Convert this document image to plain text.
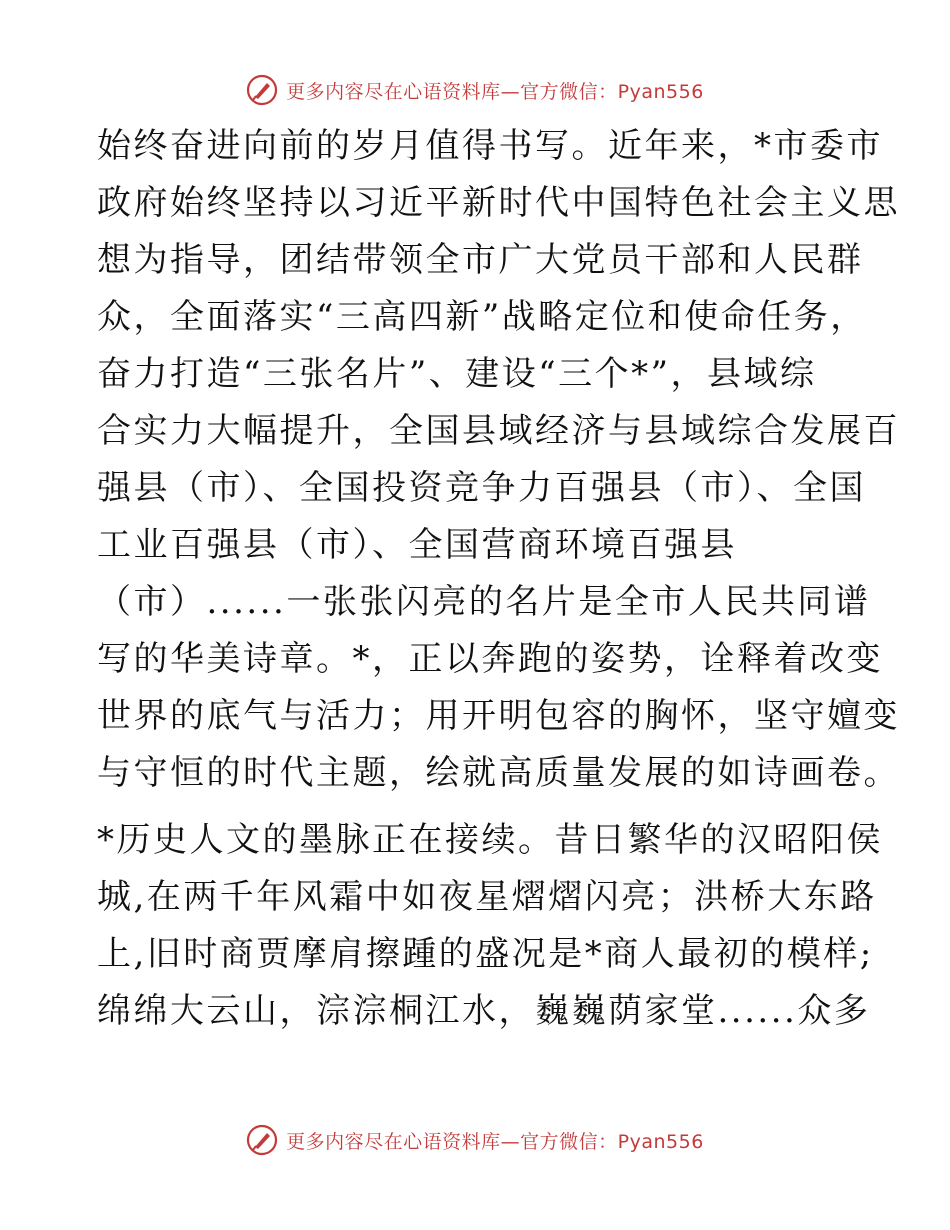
更多内容尽在心语资料库—官方微信：Pyan556
始终奋进向前的岁月值得书写。近年来，*市委市
政府始终坚持以习近平新时代中国特色社会主义思
想为指导，团结带领全市广大党员干部和人民群
众，全面落实“三高四新”战略定位和使命任务，
奋力打造“三张名片”、建设“三个*”，县域综
合实力大幅提升，全国县域经济与县域综合发展百
强县（市）、全国投资竞争力百强县（市）、全国
工业百强县（市）、全国营商环境百强县
（市）......一张张闪亮的名片是全市人民共同谱
写的华美诗章。*，正以奔跑的姿势，诠释着改变
世界的底气与活力；用开明包容的胸怀，坚守嬗变
与守恒的时代主题，绘就高质量发展的如诗画卷。
*历史人文的墨脉正在接续。昔日繁华的汉昭阳侯
城,在两千年风霜中如夜星熠熠闪亮；洪桥大东路
上,旧时商贾摩肩擦踵的盛况是*商人最初的模样;
绵绵大云山，淙淙桐江水，巍巍荫家堂......众多
更多内容尽在心语资料库—官方微信：Pyan556
